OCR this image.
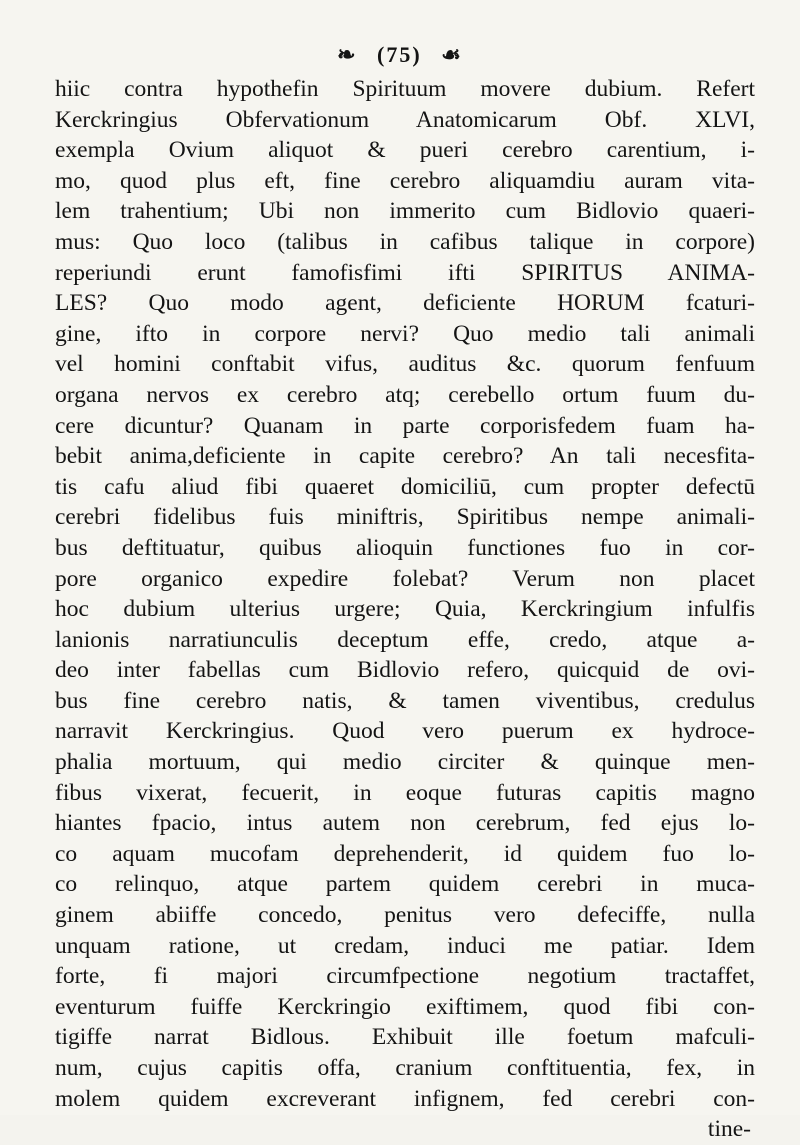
❧ (75) ☙
hiic contra hypothefin Spirituum movere dubium. Refert
Kerckringius Obfervationum Anatomicarum Obf. XLVI,
exempla Ovium aliquot & pueri cerebro carentium, i-
mo, quod plus eft, fine cerebro aliquamdiu auram vita-
lem trahentium; Ubi non immerito cum Bidlovio quaeri-
mus: Quo loco (talibus in cafibus talique in corpore)
reperiundi erunt famofisfimi ifti SPIRITUS ANIMA-
LES? Quo modo agent, deficiente HORUM fcaturi-
gine, ifto in corpore nervi? Quo medio tali animali
vel homini conftabit vifus, auditus &c. quorum fenfuum
organa nervos ex cerebro atq; cerebello ortum fuum du-
cere dicuntur? Quanam in parte corporisfedem fuam ha-
bebit anima,deficiente in capite cerebro? An tali necesfita-
tis cafu aliud fibi quaeret domiciliū, cum propter defectū
cerebri fidelibus fuis miniftris, Spiritibus nempe animali-
bus deftituatur, quibus alioquin functiones fuo in cor-
pore organico expedire folebat? Verum non placet
hoc dubium ulterius urgere; Quia, Kerckringium infulfis
lanionis narratiunculis deceptum effe, credo, atque a-
deo inter fabellas cum Bidlovio refero, quicquid de ovi-
bus fine cerebro natis, & tamen viventibus, credulus
narravit Kerckringius. Quod vero puerum ex hydroce-
phalia mortuum, qui medio circiter & quinque men-
fibus vixerat, fecuerit, in eoque futuras capitis magno
hiantes fpacio, intus autem non cerebrum, fed ejus lo-
co aquam mucofam deprehenderit, id quidem fuo lo-
co relinquo, atque partem quidem cerebri in muca-
ginem abiiffe concedo, penitus vero defeciffe, nulla
unquam ratione, ut credam, induci me patiar. Idem
forte, fi majori circumfpectione negotium tractaffet,
eventurum fuiffe Kerckringio exiftimem, quod fibi con-
tigiffe narrat Bidlous. Exhibuit ille foetum mafculi-
num, cujus capitis offa, cranium conftituentia, fex, in
molem quidem excreverant infignem, fed cerebri con-
tine-
